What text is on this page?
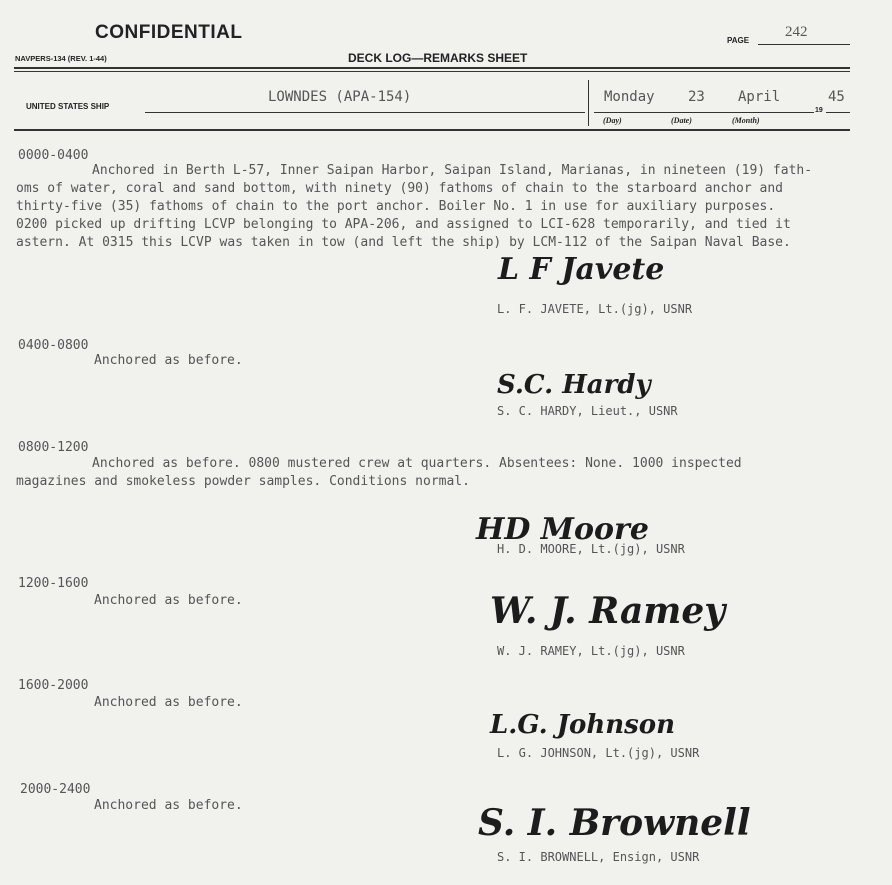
CONFIDENTIAL
NAVPERS-134 (REV. 1-44)	DECK LOG—REMARKS SHEET
PAGE
242
UNITED STATES SHIP
LOWNDES (APA-154)	Monday 23 April
19
45
(Day)	(Date)	(Month)
0000-0400
Anchored in Berth L-57, Inner Saipan Harbor, Saipan Island, Marianas, in nineteen (19) fath-
oms of water, coral and sand bottom, with ninety (90) fathoms of chain to the starboard anchor and
thirty-five (35) fathoms of chain to the port anchor. Boiler No. 1 in use for auxiliary purposes.
0200 picked up drifting LCVP belonging to APA-206, and assigned to LCI-628 temporarily, and tied it
astern. At 0315 this LCVP was taken in tow (and left the ship) by LCM-112 of the Saipan Naval Base.
L F Javete
L. F. JAVETE, Lt.(jg), USNR
0400-0800
Anchored as before.
S.C. Hardy
S. C. HARDY, Lieut., USNR
0800-1200
Anchored as before. 0800 mustered crew at quarters. Absentees: None. 1000 inspected
magazines and smokeless powder samples. Conditions normal.
HD Moore
H. D. MOORE, Lt.(jg), USNR
1200-1600
Anchored as before.	W. J. Ramey
W. J. RAMEY, Lt.(jg), USNR
1600-2000
Anchored as before.
L.G. Johnson
L. G. JOHNSON, Lt.(jg), USNR
2000-2400
Anchored as before.	S. I. Brownell
S. I. BROWNELL, Ensign, USNR
